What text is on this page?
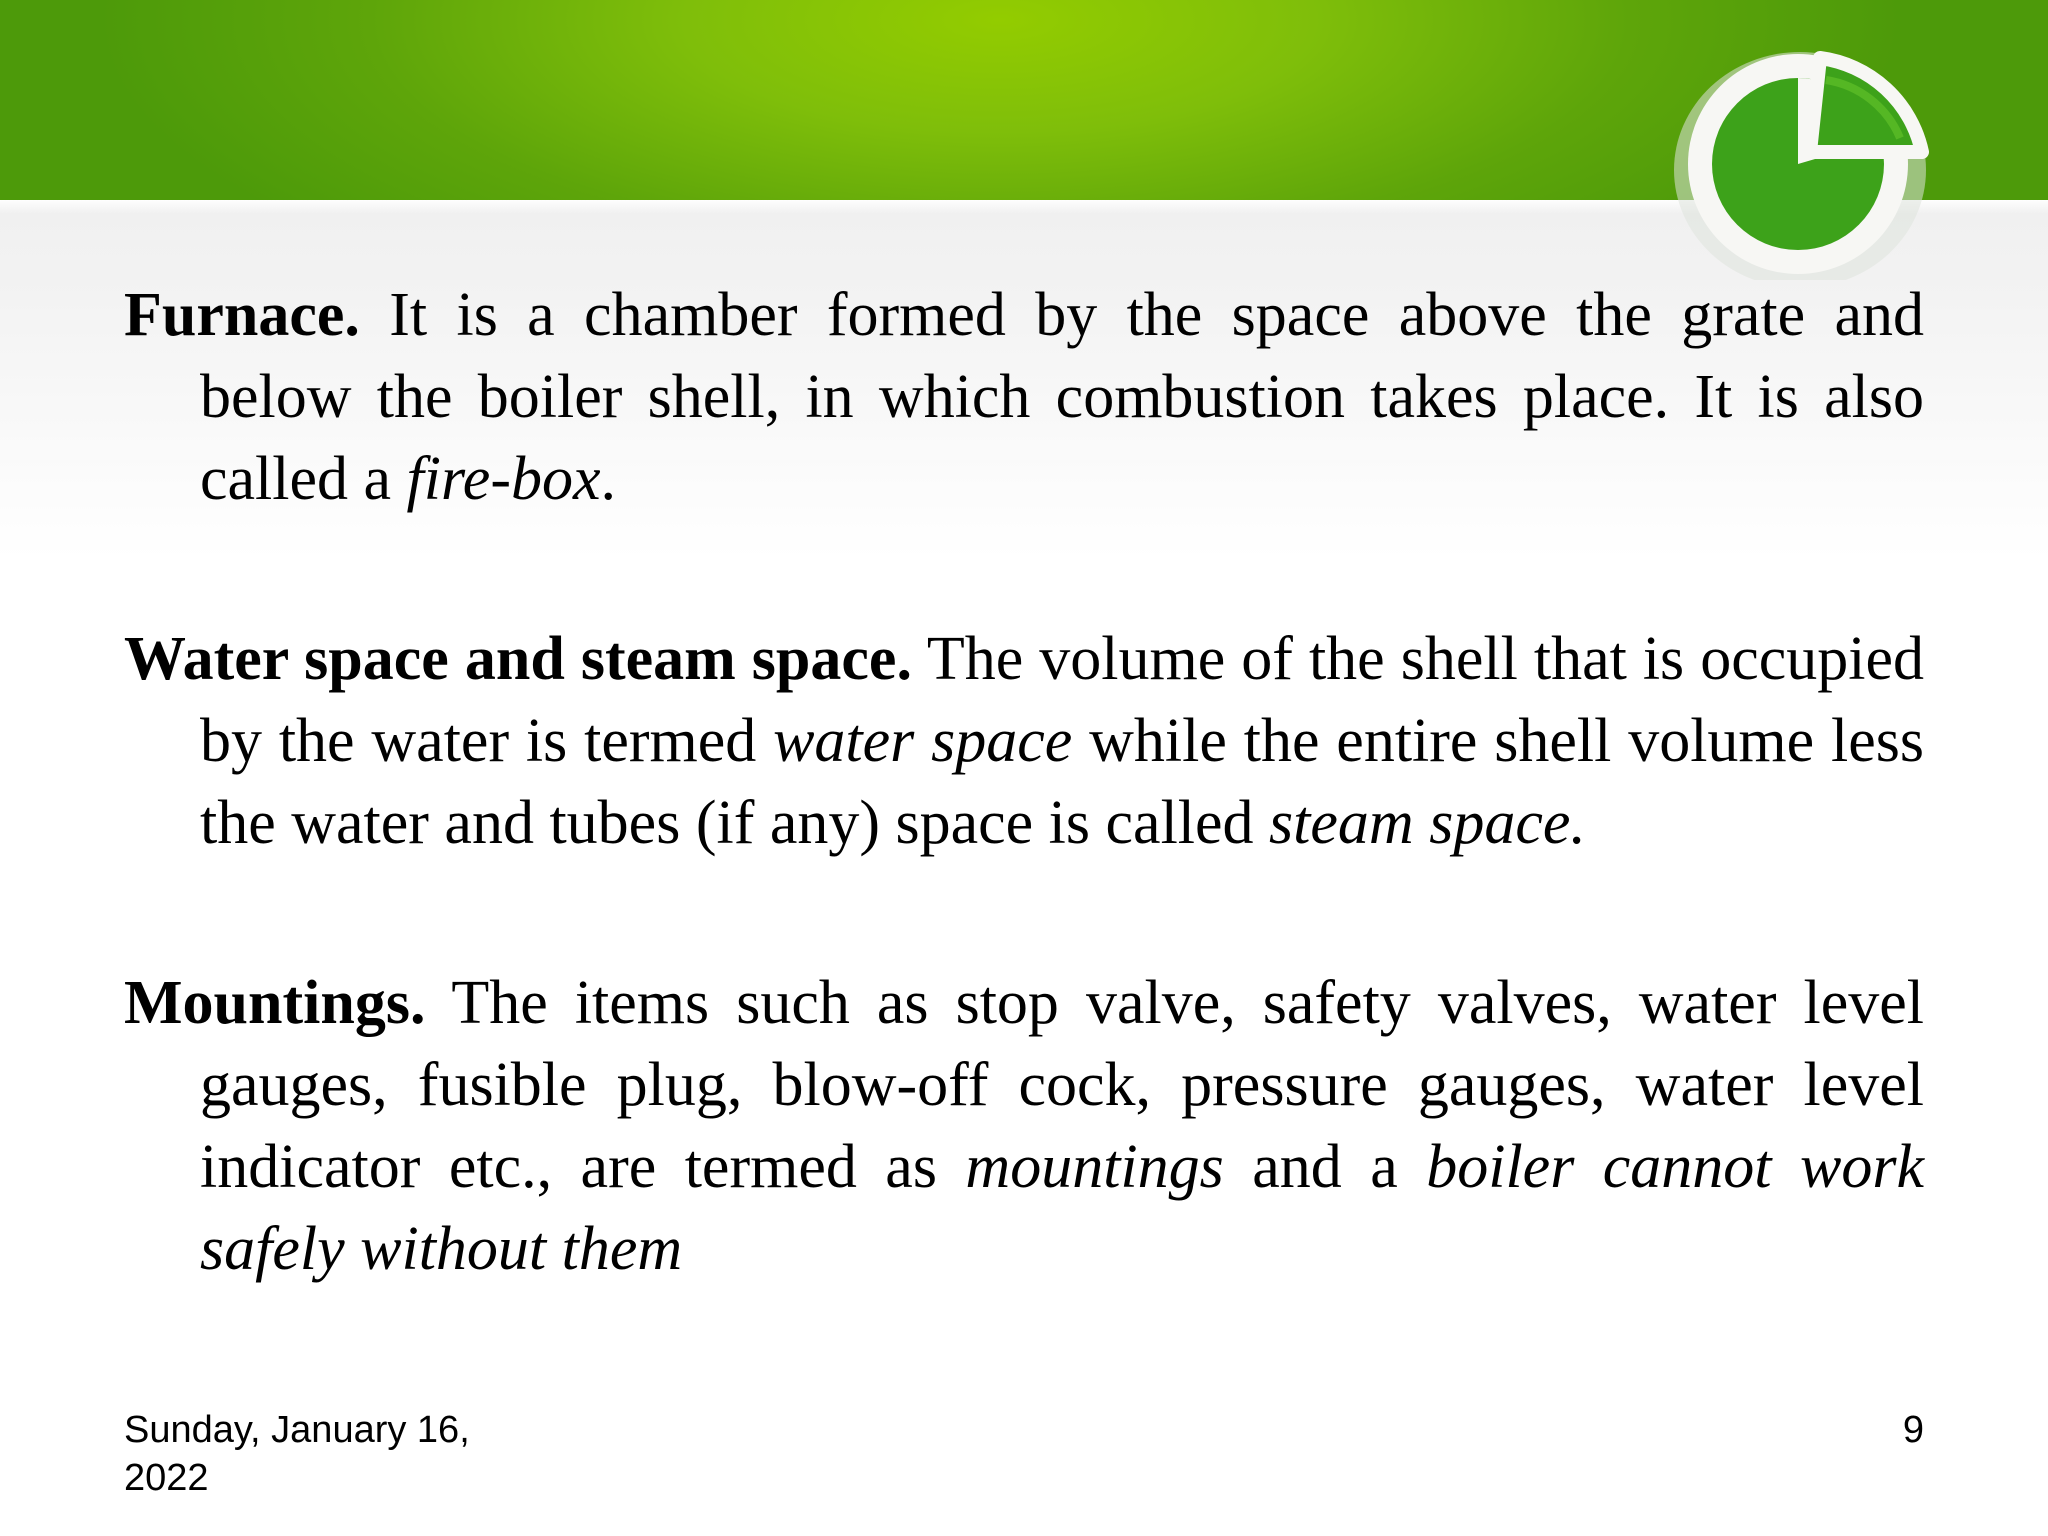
Furnace. It is a chamber formed by the space above the grate and below the boiler shell, in which combustion takes place. It is also called a fire-box.

Water space and steam space. The volume of the shell that is occupied by the water is termed water space while the entire shell volume less the water and tubes (if any) space is called steam space.

Mountings. The items such as stop valve, safety valves, water level gauges, fusible plug, blow-off cock, pressure gauges, water level indicator etc., are termed as mountings and a boiler cannot work safely without them

Sunday, January 16, 2022
9
